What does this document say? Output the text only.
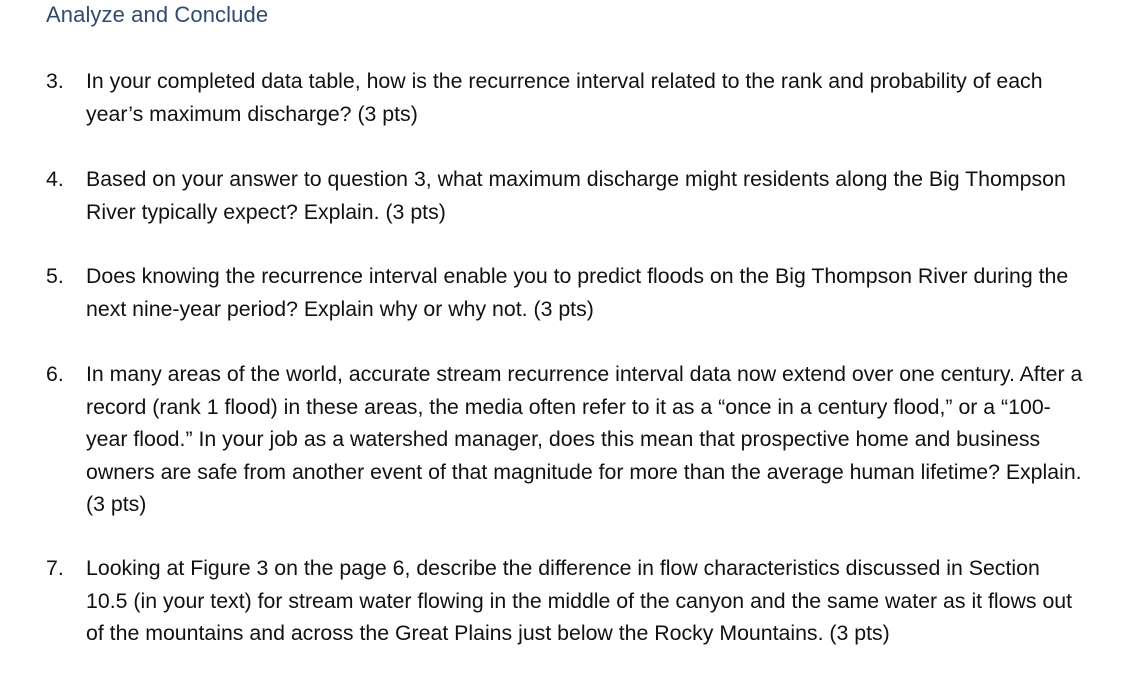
Analyze and Conclude
3.	In your completed data table, how is the recurrence interval related to the rank and probability of each year’s maximum discharge? (3 pts)
4.	Based on your answer to question 3, what maximum discharge might residents along the Big Thompson River typically expect? Explain. (3 pts)
5.	Does knowing the recurrence interval enable you to predict floods on the Big Thompson River during the next nine-year period? Explain why or why not. (3 pts)
6.	In many areas of the world, accurate stream recurrence interval data now extend over one century. After a record (rank 1 flood) in these areas, the media often refer to it as a “once in a century flood,” or a “100-year flood.” In your job as a watershed manager, does this mean that prospective home and business owners are safe from another event of that magnitude for more than the average human lifetime? Explain. (3 pts)
7.	Looking at Figure 3 on the page 6, describe the difference in flow characteristics discussed in Section 10.5 (in your text) for stream water flowing in the middle of the canyon and the same water as it flows out of the mountains and across the Great Plains just below the Rocky Mountains. (3 pts)
